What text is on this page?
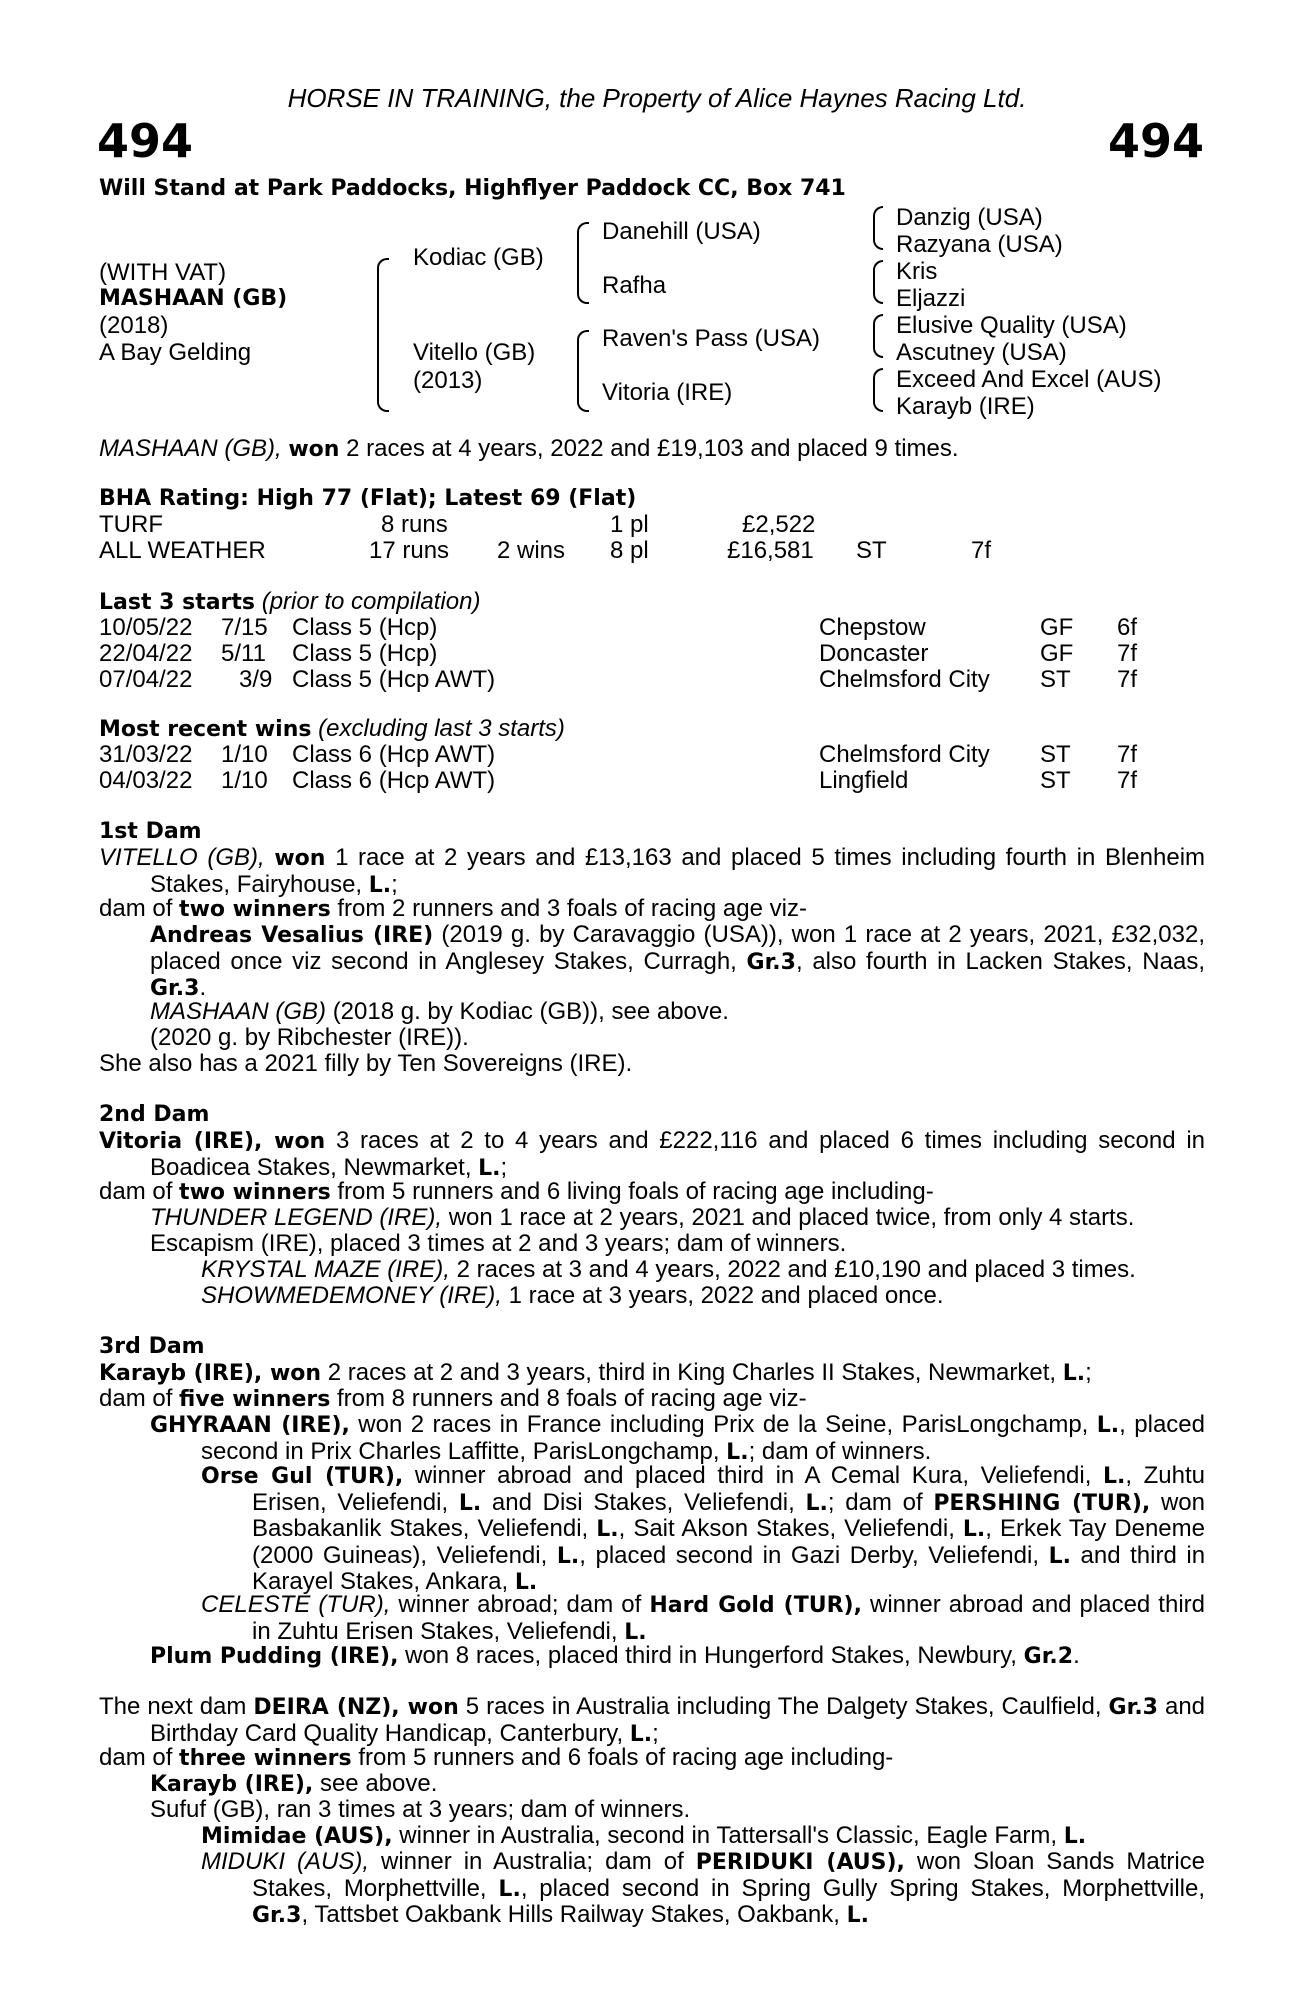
HORSE IN TRAINING, the Property of Alice Haynes Racing Ltd.
494	494
Will Stand at Park Paddocks, Highflyer Paddock CC, Box 741
(WITH VAT)
MASHAAN (GB)
(2018)
A Bay Gelding
Kodiac (GB)
Vitello (GB)
(2013)
Danehill (USA)
Rafha
Raven's Pass (USA)
Vitoria (IRE)
Danzig (USA)
Razyana (USA)
Kris
Eljazzi
Elusive Quality (USA)
Ascutney (USA)
Exceed And Excel (AUS)
Karayb (IRE)
MASHAAN (GB), won 2 races at 4 years, 2022 and £19,103 and placed 9 times.
BHA Rating: High 77 (Flat); Latest 69 (Flat)
TURF	8 runs	1 pl	£2,522
ALL WEATHER	17 runs 2 wins 8 pl	£16,581 ST	7f
Last 3 starts (prior to compilation)
10/05/22 7/15 Class 5 (Hcp)	Chepstow	GF 6f
22/04/22 5/11 Class 5 (Hcp)	Doncaster	GF 7f
07/04/22 3/9 Class 5 (Hcp AWT)	Chelmsford City ST 7f
Most recent wins (excluding last 3 starts)
31/03/22 1/10 Class 6 (Hcp AWT)	Chelmsford City ST 7f
04/03/22 1/10 Class 6 (Hcp AWT)	Lingfield	ST 7f
1st Dam
VITELLO (GB), won 1 race at 2 years and £13,163 and placed 5 times including fourth in Blenheim Stakes, Fairyhouse, L.;
dam of two winners from 2 runners and 3 foals of racing age viz-
Andreas Vesalius (IRE) (2019 g. by Caravaggio (USA)), won 1 race at 2 years, 2021, £32,032, placed once viz second in Anglesey Stakes, Curragh, Gr.3, also fourth in Lacken Stakes, Naas, Gr.3.
MASHAAN (GB) (2018 g. by Kodiac (GB)), see above.
(2020 g. by Ribchester (IRE)).
She also has a 2021 filly by Ten Sovereigns (IRE).
2nd Dam
Vitoria (IRE), won 3 races at 2 to 4 years and £222,116 and placed 6 times including second in Boadicea Stakes, Newmarket, L.;
dam of two winners from 5 runners and 6 living foals of racing age including-
THUNDER LEGEND (IRE), won 1 race at 2 years, 2021 and placed twice, from only 4 starts.
Escapism (IRE), placed 3 times at 2 and 3 years; dam of winners.
KRYSTAL MAZE (IRE), 2 races at 3 and 4 years, 2022 and £10,190 and placed 3 times.
SHOWMEDEMONEY (IRE), 1 race at 3 years, 2022 and placed once.
3rd Dam
Karayb (IRE), won 2 races at 2 and 3 years, third in King Charles II Stakes, Newmarket, L.;
dam of five winners from 8 runners and 8 foals of racing age viz-
GHYRAAN (IRE), won 2 races in France including Prix de la Seine, ParisLongchamp, L., placed second in Prix Charles Laffitte, ParisLongchamp, L.; dam of winners.
Orse Gul (TUR), winner abroad and placed third in A Cemal Kura, Veliefendi, L., Zuhtu Erisen, Veliefendi, L. and Disi Stakes, Veliefendi, L.; dam of PERSHING (TUR), won Basbakanlik Stakes, Veliefendi, L., Sait Akson Stakes, Veliefendi, L., Erkek Tay Deneme (2000 Guineas), Veliefendi, L., placed second in Gazi Derby, Veliefendi, L. and third in Karayel Stakes, Ankara, L.
CELESTE (TUR), winner abroad; dam of Hard Gold (TUR), winner abroad and placed third in Zuhtu Erisen Stakes, Veliefendi, L.
Plum Pudding (IRE), won 8 races, placed third in Hungerford Stakes, Newbury, Gr.2.
The next dam DEIRA (NZ), won 5 races in Australia including The Dalgety Stakes, Caulfield, Gr.3 and Birthday Card Quality Handicap, Canterbury, L.;
dam of three winners from 5 runners and 6 foals of racing age including-
Karayb (IRE), see above.
Sufuf (GB), ran 3 times at 3 years; dam of winners.
Mimidae (AUS), winner in Australia, second in Tattersall's Classic, Eagle Farm, L.
MIDUKI (AUS), winner in Australia; dam of PERIDUKI (AUS), won Sloan Sands Matrice Stakes, Morphettville, L., placed second in Spring Gully Spring Stakes, Morphettville, Gr.3, Tattsbet Oakbank Hills Railway Stakes, Oakbank, L.
